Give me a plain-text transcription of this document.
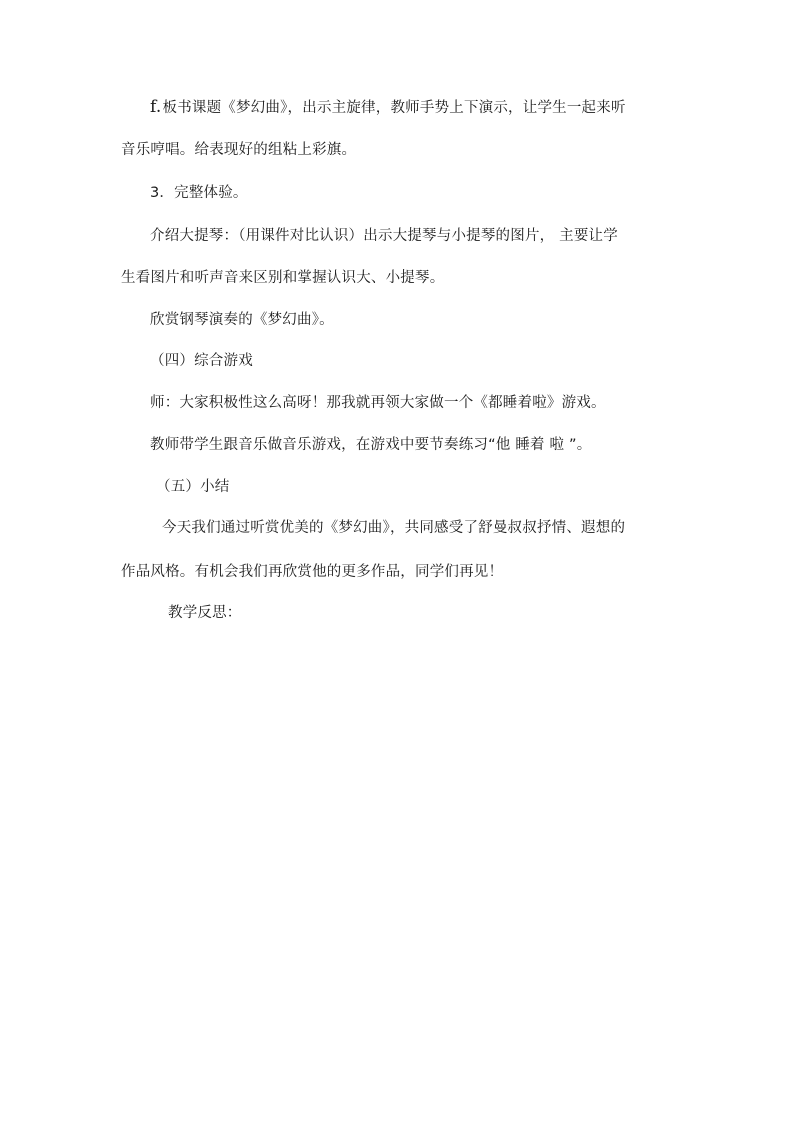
f.板书课题《梦幻曲》，出示主旋律，教师手势上下演示，让学生一起来听
音乐哼唱。给表现好的组粘上彩旗。
3．完整体验。
介绍大提琴：（用课件对比认识）出示大提琴与小提琴的图片， 主要让学
生看图片和听声音来区别和掌握认识大、小提琴。
欣赏钢琴演奏的《梦幻曲》。
（四）综合游戏
师：大家积极性这么高呀！那我就再领大家做一个《都睡着啦》游戏。
教师带学生跟音乐做音乐游戏，在游戏中要节奏练习“他 睡着 啦 ”。
（五）小结
今天我们通过听赏优美的《梦幻曲》，共同感受了舒曼叔叔抒情、遐想的
作品风格。有机会我们再欣赏他的更多作品，同学们再见！
教学反思：
